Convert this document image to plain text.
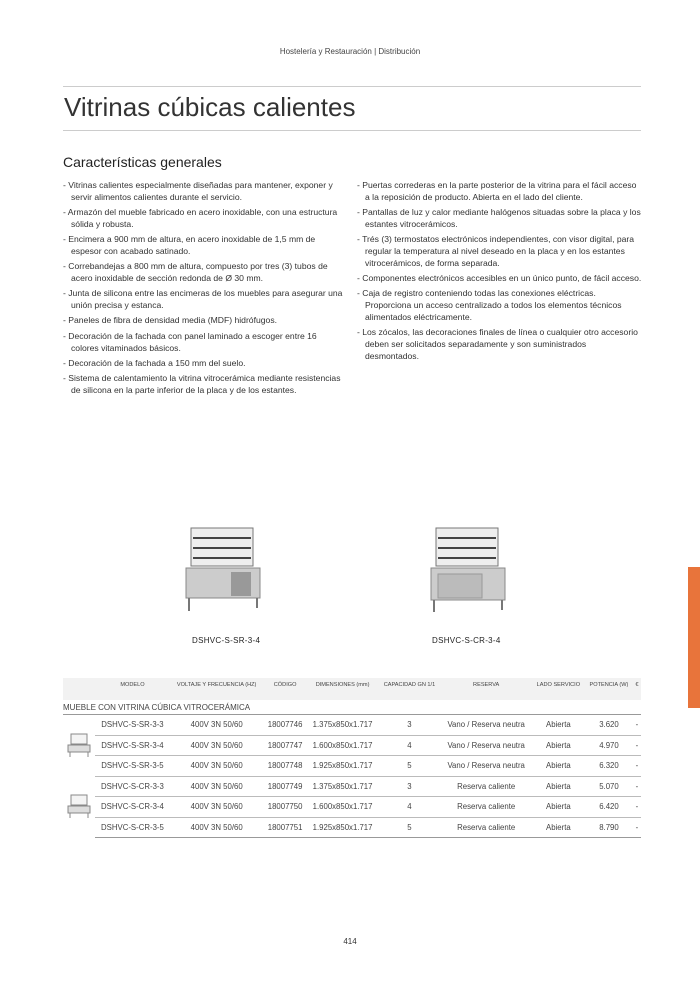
Hostelería y Restauración | Distribución
Vitrinas cúbicas calientes
Características generales
- Vitrinas calientes especialmente diseñadas para mantener, exponer y servir alimentos calientes durante el servicio.
- Armazón del mueble fabricado en acero inoxidable, con una estructura sólida y robusta.
- Encimera a 900 mm de altura, en acero inoxidable de 1,5 mm de espesor con acabado satinado.
- Correbandejas a 800 mm de altura, compuesto por tres (3) tubos de acero inoxidable de sección redonda de Ø 30 mm.
- Junta de silicona entre las encimeras de los muebles para asegurar una unión precisa y estanca.
- Paneles de fibra de densidad media (MDF) hidrófugos.
- Decoración de la fachada con panel laminado a escoger entre 16 colores vitaminados básicos.
- Decoración de la fachada a 150 mm del suelo.
- Sistema de calentamiento la vitrina vitrocerámica mediante resistencias de silicona en la parte inferior de la placa y de los estantes.
- Puertas correderas en la parte posterior de la vitrina para el fácil acceso a la reposición de producto. Abierta en el lado del cliente.
- Pantallas de luz y calor mediante halógenos situadas sobre la placa y los estantes vitrocerámicos.
- Trés (3) termostatos electrónicos independientes, con visor digital, para regular la temperatura al nivel deseado en la placa y en los estantes vitrocerámicos, de forma separada.
- Componentes electrónicos accesibles en un único punto, de fácil acceso.
- Caja de registro conteniendo todas las conexiones eléctricas. Proporciona un acceso centralizado a todos los elementos técnicos alimentados eléctricamente.
- Los zócalos, las decoraciones finales de línea o cualquier otro accesorio deben ser solicitados separadamente y son suministrados desmontados.
DSHVC-S-SR-3-4	DSHVC-S-CR-3-4
	MODELO	VOLTAJE Y FRECUENCIA (HZ)	CÓDIGO	DIMENSIONES (mm)	CAPACIDAD GN 1/1	RESERVA	LADO SERVICIO	POTENCIA (W)	€
MUEBLE CON VITRINA CÚBICA VITROCERÁMICA									
	DSHVC-S-SR-3-3	400V 3N 50/60	18007746	1.375x850x1.717	3	Vano / Reserva neutra	Abierta	3.620	-
	DSHVC-S-SR-3-4	400V 3N 50/60	18007747	1.600x850x1.717	4	Vano / Reserva neutra	Abierta	4.970	-
	DSHVC-S-SR-3-5	400V 3N 50/60	18007748	1.925x850x1.717	5	Vano / Reserva neutra	Abierta	6.320	-
	DSHVC-S-CR-3-3	400V 3N 50/60	18007749	1.375x850x1.717	3	Reserva caliente	Abierta	5.070	-
	DSHVC-S-CR-3-4	400V 3N 50/60	18007750	1.600x850x1.717	4	Reserva caliente	Abierta	6.420	-
	DSHVC-S-CR-3-5	400V 3N 50/60	18007751	1.925x850x1.717	5	Reserva caliente	Abierta	8.790	-
414
